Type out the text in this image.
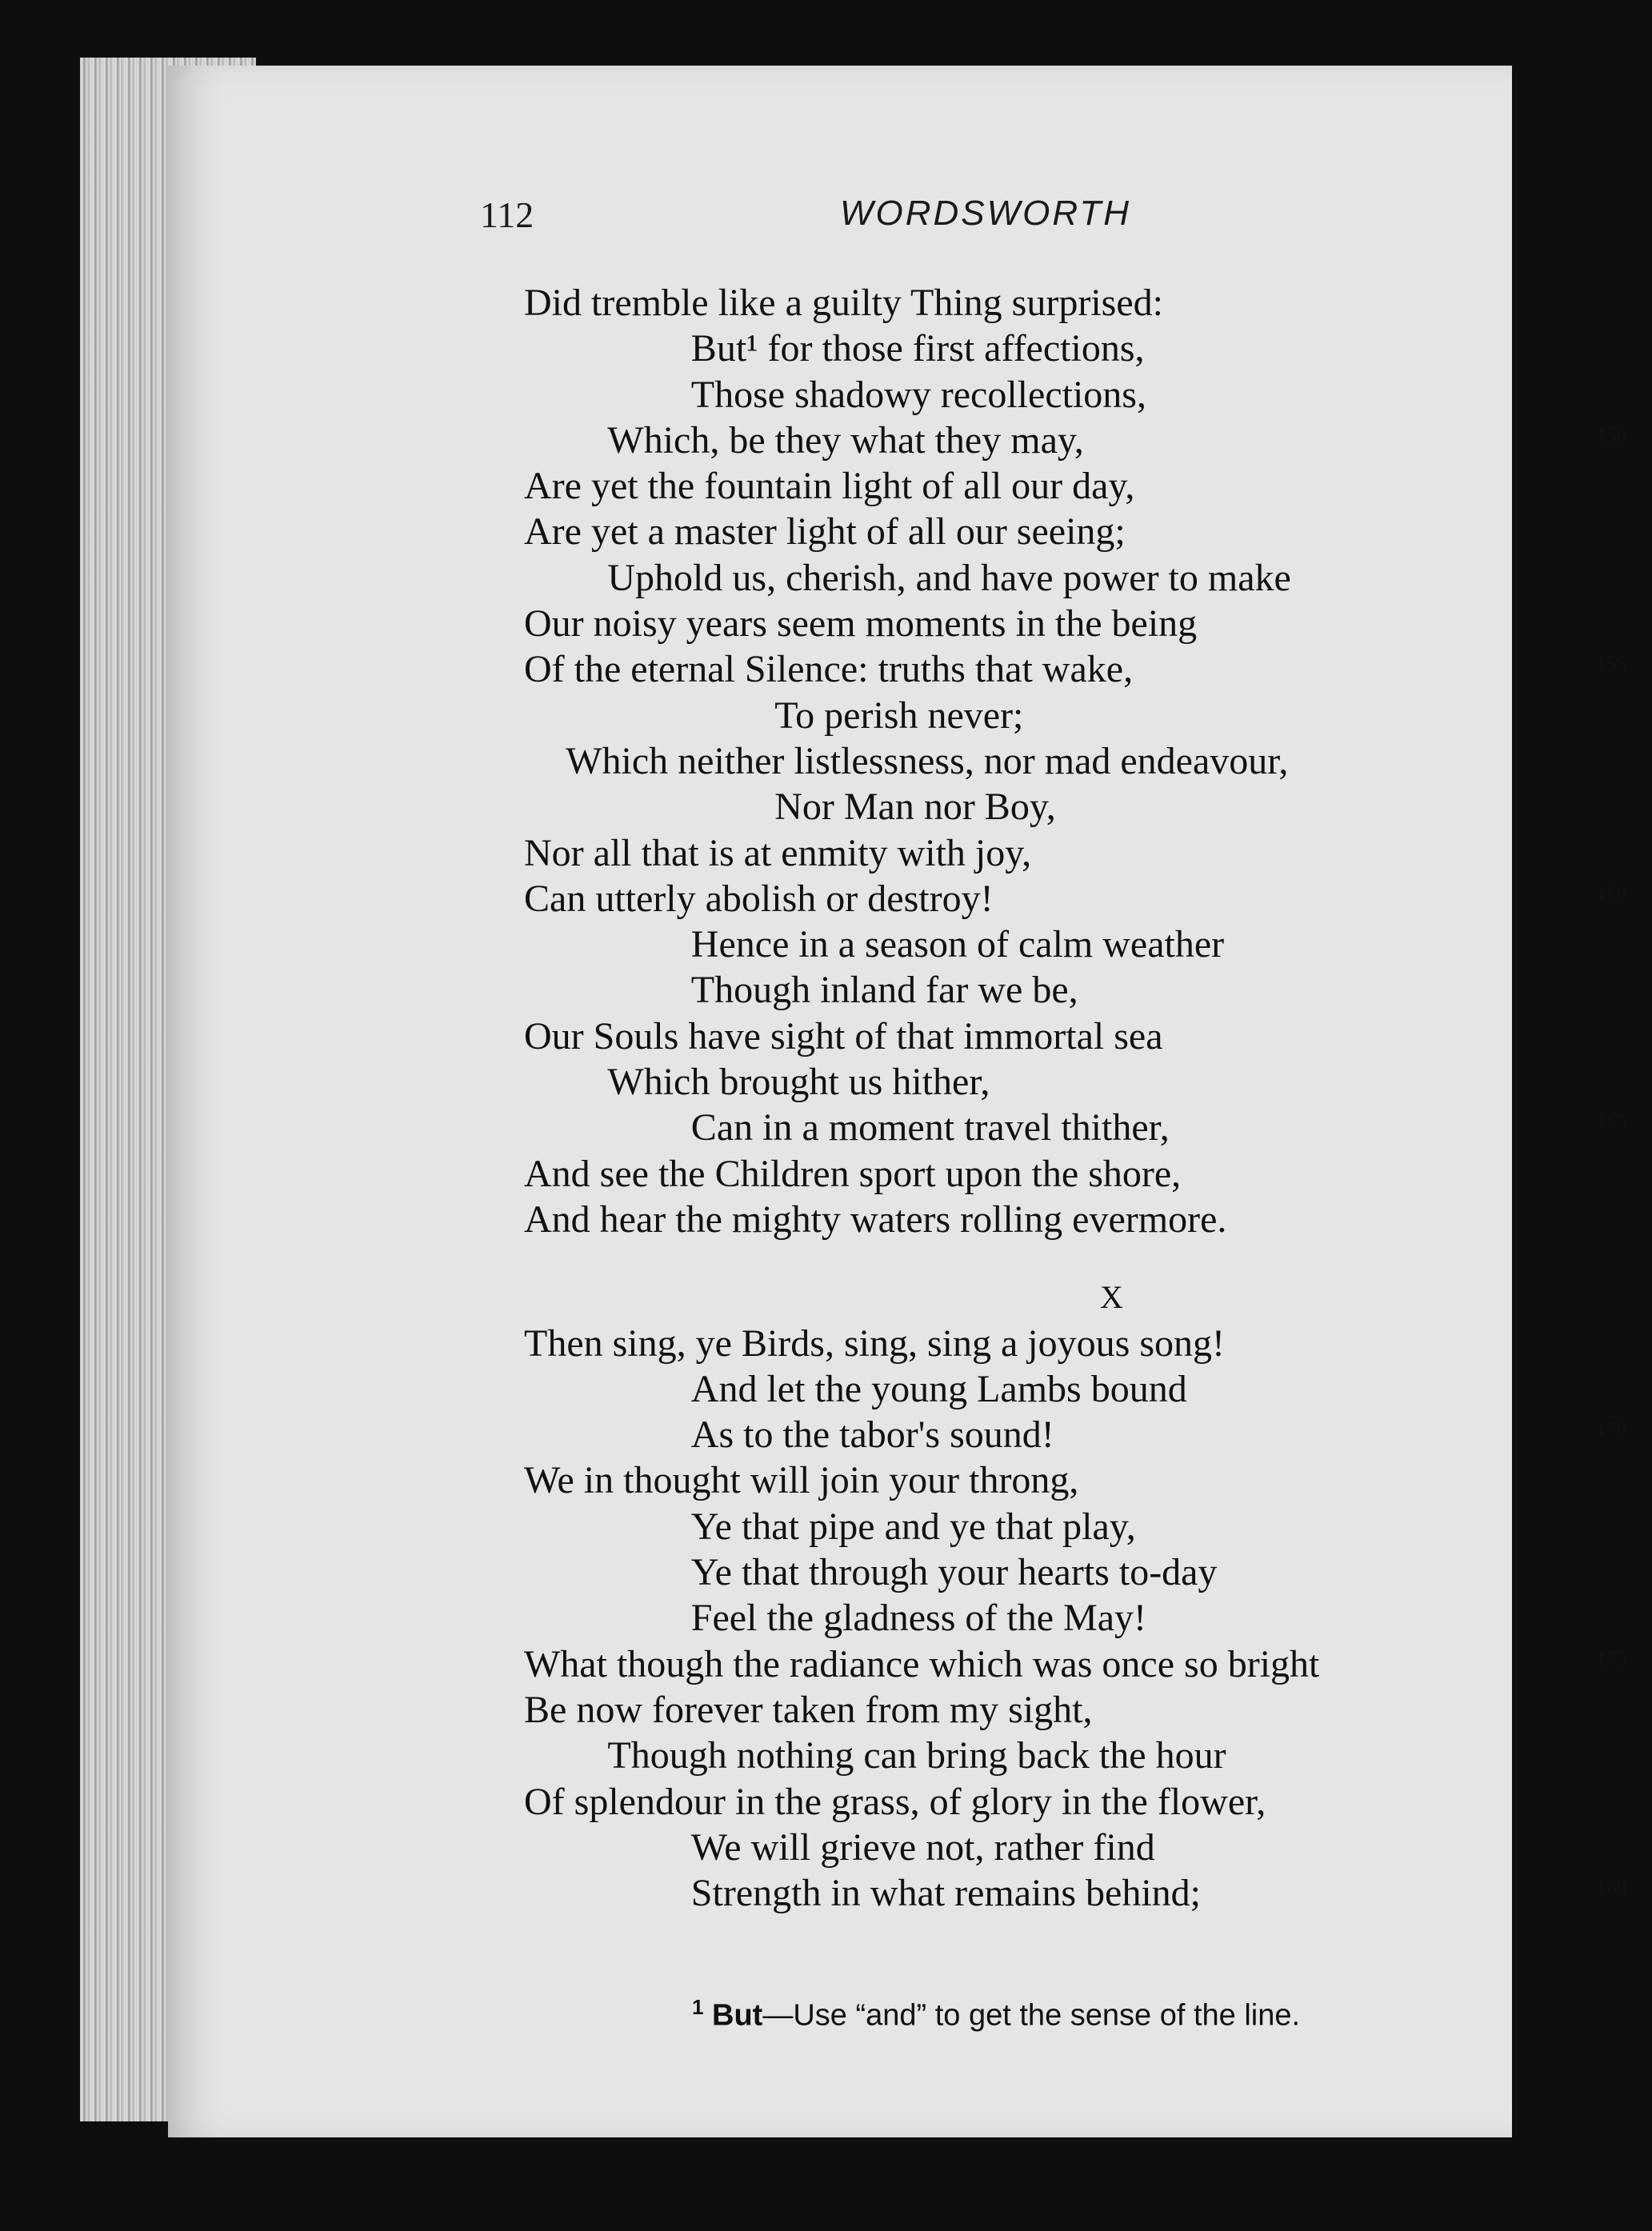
112	WORDSWORTH
Did tremble like a guilty Thing surprised:
But¹ for those first affections,
Those shadowy recollections,
Which, be they what they may,	150
Are yet the fountain light of all our day,
Are yet a master light of all our seeing;
Uphold us, cherish, and have power to make
Our noisy years seem moments in the being
Of the eternal Silence: truths that wake,	155
To perish never;
Which neither listlessness, nor mad endeavour,
Nor Man nor Boy,
Nor all that is at enmity with joy,
Can utterly abolish or destroy!	160
Hence in a season of calm weather
Though inland far we be,
Our Souls have sight of that immortal sea
Which brought us hither,
Can in a moment travel thither,	165
And see the Children sport upon the shore,
And hear the mighty waters rolling evermore.
X
Then sing, ye Birds, sing, sing a joyous song!
And let the young Lambs bound
As to the tabor's sound!	170
We in thought will join your throng,
Ye that pipe and ye that play,
Ye that through your hearts to-day
Feel the gladness of the May!
What though the radiance which was once so bright	175
Be now forever taken from my sight,
Though nothing can bring back the hour
Of splendour in the grass, of glory in the flower,
We will grieve not, rather find
Strength in what remains behind;	180
$^1$ But—Use “and” to get the sense of the line.
